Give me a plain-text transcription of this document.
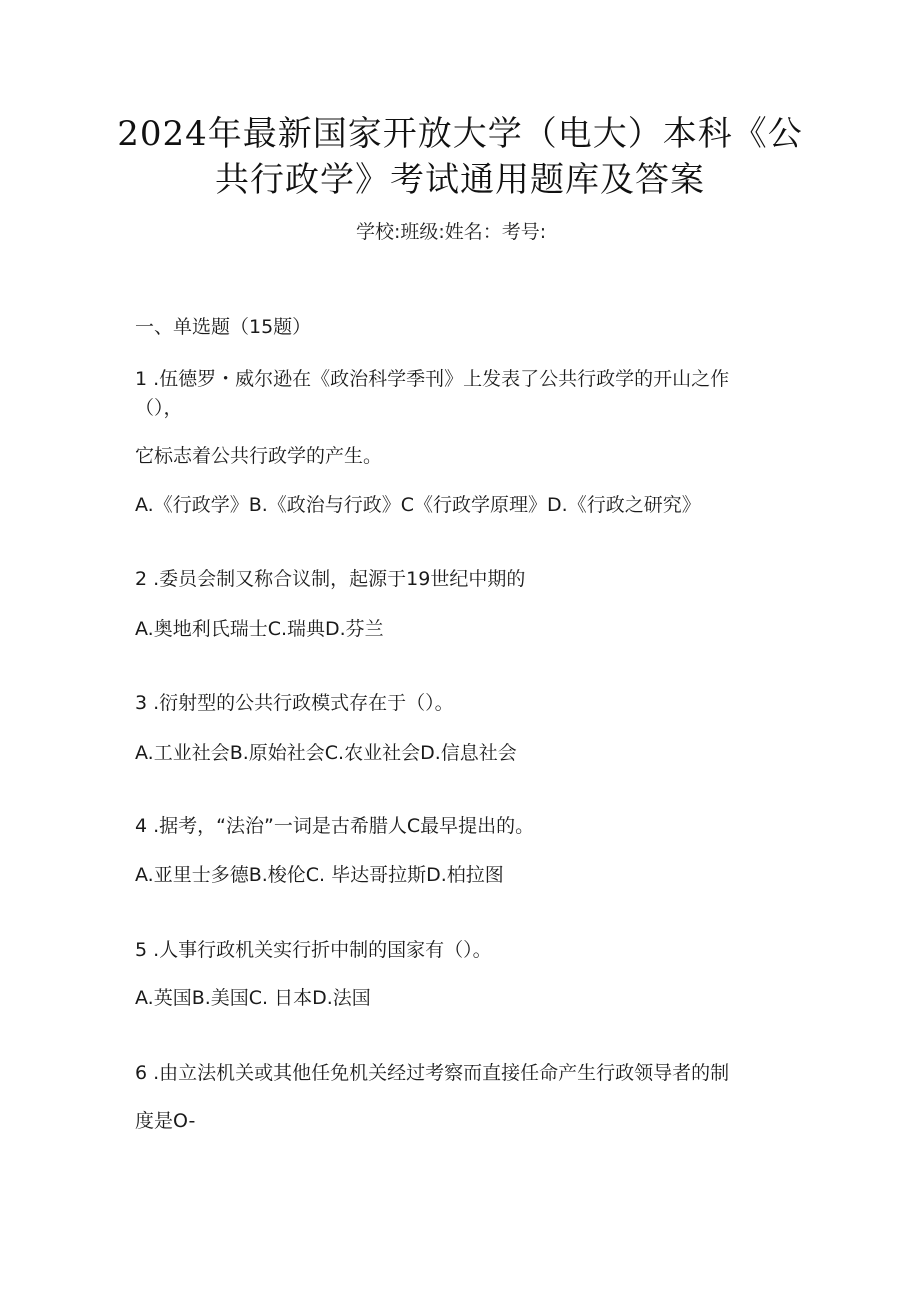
2024年最新国家开放大学（电大）本科《公
共行政学》考试通用题库及答案
学校:班级:姓名：考号:
一、单选题（15题）
1 .伍德罗・威尔逊在《政治科学季刊》上发表了公共行政学的开山之作
（），
它标志着公共行政学的产生。
A.《行政学》B.《政治与行政》C《行政学原理》D.《行政之研究》
2 .委员会制又称合议制，起源于19世纪中期的
A.奥地利氏瑞士C.瑞典D.芬兰
3 .衍射型的公共行政模式存在于（）。
A.工业社会B.原始社会C.农业社会D.信息社会
4 .据考，“法治”一词是古希腊人C最早提出的。
A.亚里士多德B.梭伦C. 毕达哥拉斯D.柏拉图
5 .人事行政机关实行折中制的国家有（）。
A.英国B.美国C. 日本D.法国
6 .由立法机关或其他任免机关经过考察而直接任命产生行政领导者的制
度是O-
